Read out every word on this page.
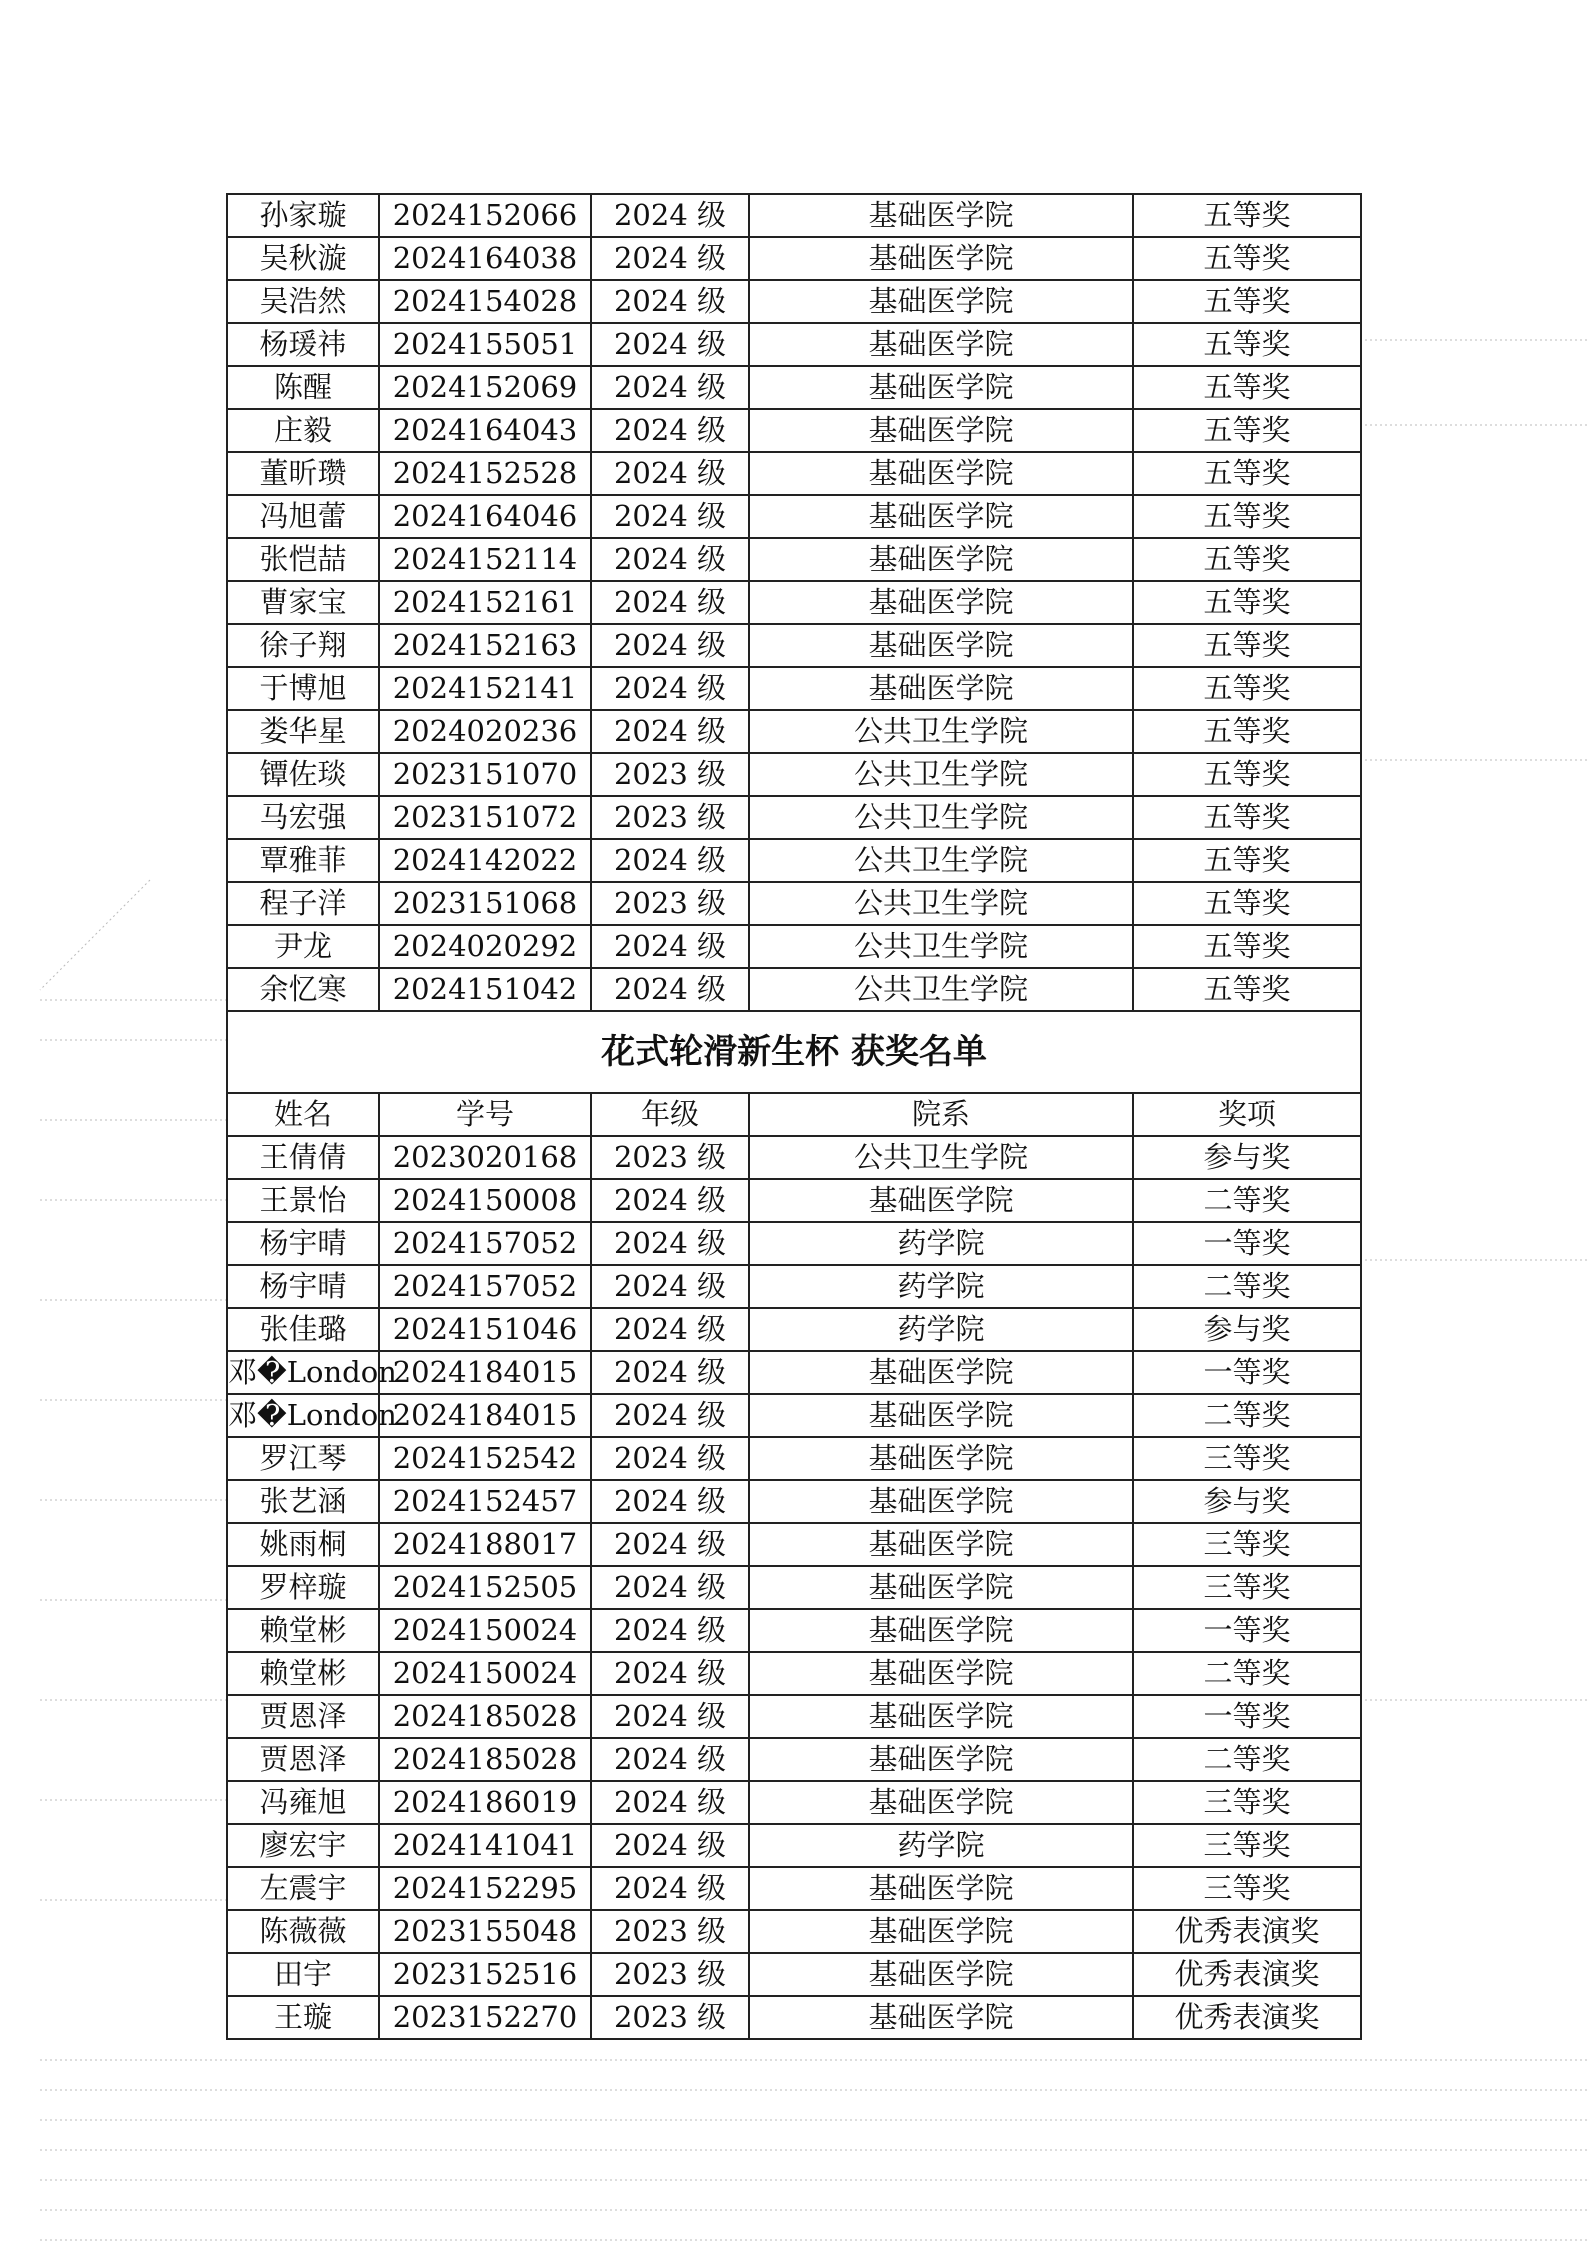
孙家璇	2024152066	2024 级	基础医学院	五等奖
吴秋漩	2024164038	2024 级	基础医学院	五等奖
吴浩然	2024154028	2024 级	基础医学院	五等奖
杨瑗祎	2024155051	2024 级	基础医学院	五等奖
陈醒	2024152069	2024 级	基础医学院	五等奖
庄毅	2024164043	2024 级	基础医学院	五等奖
董昕瓒	2024152528	2024 级	基础医学院	五等奖
冯旭蕾	2024164046	2024 级	基础医学院	五等奖
张恺喆	2024152114	2024 级	基础医学院	五等奖
曹家宝	2024152161	2024 级	基础医学院	五等奖
徐子翔	2024152163	2024 级	基础医学院	五等奖
于博旭	2024152141	2024 级	基础医学院	五等奖
娄华星	2024020236	2024 级	公共卫生学院	五等奖
镡佐琰	2023151070	2023 级	公共卫生学院	五等奖
马宏强	2023151072	2023 级	公共卫生学院	五等奖
覃雅菲	2024142022	2024 级	公共卫生学院	五等奖
程子洋	2023151068	2023 级	公共卫生学院	五等奖
尹龙	2024020292	2024 级	公共卫生学院	五等奖
余忆寒	2024151042	2024 级	公共卫生学院	五等奖
花式轮滑新生杯 获奖名单				
姓名	学号	年级	院系	奖项
王倩倩	2023020168	2023 级	公共卫生学院	参与奖
王景怡	2024150008	2024 级	基础医学院	二等奖
杨宇晴	2024157052	2024 级	药学院	一等奖
杨宇晴	2024157052	2024 级	药学院	二等奖
张佳璐	2024151046	2024 级	药学院	参与奖
邓�London	2024184015	2024 级	基础医学院	一等奖
邓�London	2024184015	2024 级	基础医学院	二等奖
罗江琴	2024152542	2024 级	基础医学院	三等奖
张艺涵	2024152457	2024 级	基础医学院	参与奖
姚雨桐	2024188017	2024 级	基础医学院	三等奖
罗梓璇	2024152505	2024 级	基础医学院	三等奖
赖堂彬	2024150024	2024 级	基础医学院	一等奖
赖堂彬	2024150024	2024 级	基础医学院	二等奖
贾恩泽	2024185028	2024 级	基础医学院	一等奖
贾恩泽	2024185028	2024 级	基础医学院	二等奖
冯雍旭	2024186019	2024 级	基础医学院	三等奖
廖宏宇	2024141041	2024 级	药学院	三等奖
左震宇	2024152295	2024 级	基础医学院	三等奖
陈薇薇	2023155048	2023 级	基础医学院	优秀表演奖
田宇	2023152516	2023 级	基础医学院	优秀表演奖
王璇	2023152270	2023 级	基础医学院	优秀表演奖
